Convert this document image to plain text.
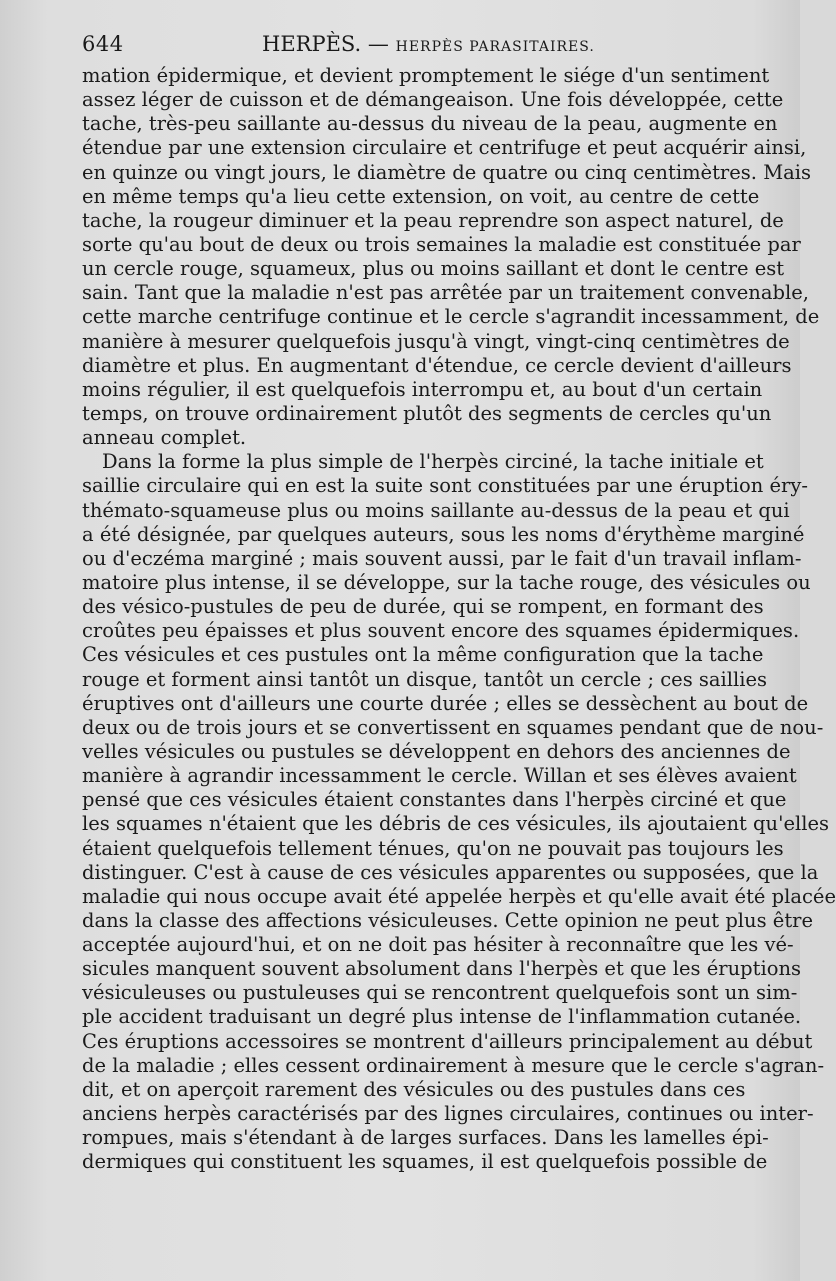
644	HERPÈS. — HERPÈS PARASITAIRES.
mation épidermique, et devient promptement le siége d'un sentiment
assez léger de cuisson et de démangeaison. Une fois développée, cette
tache, très-peu saillante au-dessus du niveau de la peau, augmente en
étendue par une extension circulaire et centrifuge et peut acquérir ainsi,
en quinze ou vingt jours, le diamètre de quatre ou cinq centimètres. Mais
en même temps qu'a lieu cette extension, on voit, au centre de cette
tache, la rougeur diminuer et la peau reprendre son aspect naturel, de
sorte qu'au bout de deux ou trois semaines la maladie est constituée par
un cercle rouge, squameux, plus ou moins saillant et dont le centre est
sain. Tant que la maladie n'est pas arrêtée par un traitement convenable,
cette marche centrifuge continue et le cercle s'agrandit incessamment, de
manière à mesurer quelquefois jusqu'à vingt, vingt-cinq centimètres de
diamètre et plus. En augmentant d'étendue, ce cercle devient d'ailleurs
moins régulier, il est quelquefois interrompu et, au bout d'un certain
temps, on trouve ordinairement plutôt des segments de cercles qu'un
anneau complet.
Dans la forme la plus simple de l'herpès circiné, la tache initiale et
saillie circulaire qui en est la suite sont constituées par une éruption éry-
thémato-squameuse plus ou moins saillante au-dessus de la peau et qui
a été désignée, par quelques auteurs, sous les noms d'érythème marginé
ou d'eczéma marginé ; mais souvent aussi, par le fait d'un travail inflam-
matoire plus intense, il se développe, sur la tache rouge, des vésicules ou
des vésico-pustules de peu de durée, qui se rompent, en formant des
croûtes peu épaisses et plus souvent encore des squames épidermiques.
Ces vésicules et ces pustules ont la même configuration que la tache
rouge et forment ainsi tantôt un disque, tantôt un cercle ; ces saillies
éruptives ont d'ailleurs une courte durée ; elles se dessèchent au bout de
deux ou de trois jours et se convertissent en squames pendant que de nou-
velles vésicules ou pustules se développent en dehors des anciennes de
manière à agrandir incessamment le cercle. Willan et ses élèves avaient
pensé que ces vésicules étaient constantes dans l'herpès circiné et que
les squames n'étaient que les débris de ces vésicules, ils ajoutaient qu'elles
étaient quelquefois tellement ténues, qu'on ne pouvait pas toujours les
distinguer. C'est à cause de ces vésicules apparentes ou supposées, que la
maladie qui nous occupe avait été appelée herpès et qu'elle avait été placée
dans la classe des affections vésiculeuses. Cette opinion ne peut plus être
acceptée aujourd'hui, et on ne doit pas hésiter à reconnaître que les vé-
sicules manquent souvent absolument dans l'herpès et que les éruptions
vésiculeuses ou pustuleuses qui se rencontrent quelquefois sont un sim-
ple accident traduisant un degré plus intense de l'inflammation cutanée.
Ces éruptions accessoires se montrent d'ailleurs principalement au début
de la maladie ; elles cessent ordinairement à mesure que le cercle s'agran-
dit, et on aperçoit rarement des vésicules ou des pustules dans ces
anciens herpès caractérisés par des lignes circulaires, continues ou inter-
rompues, mais s'étendant à de larges surfaces. Dans les lamelles épi-
dermiques qui constituent les squames, il est quelquefois possible de
